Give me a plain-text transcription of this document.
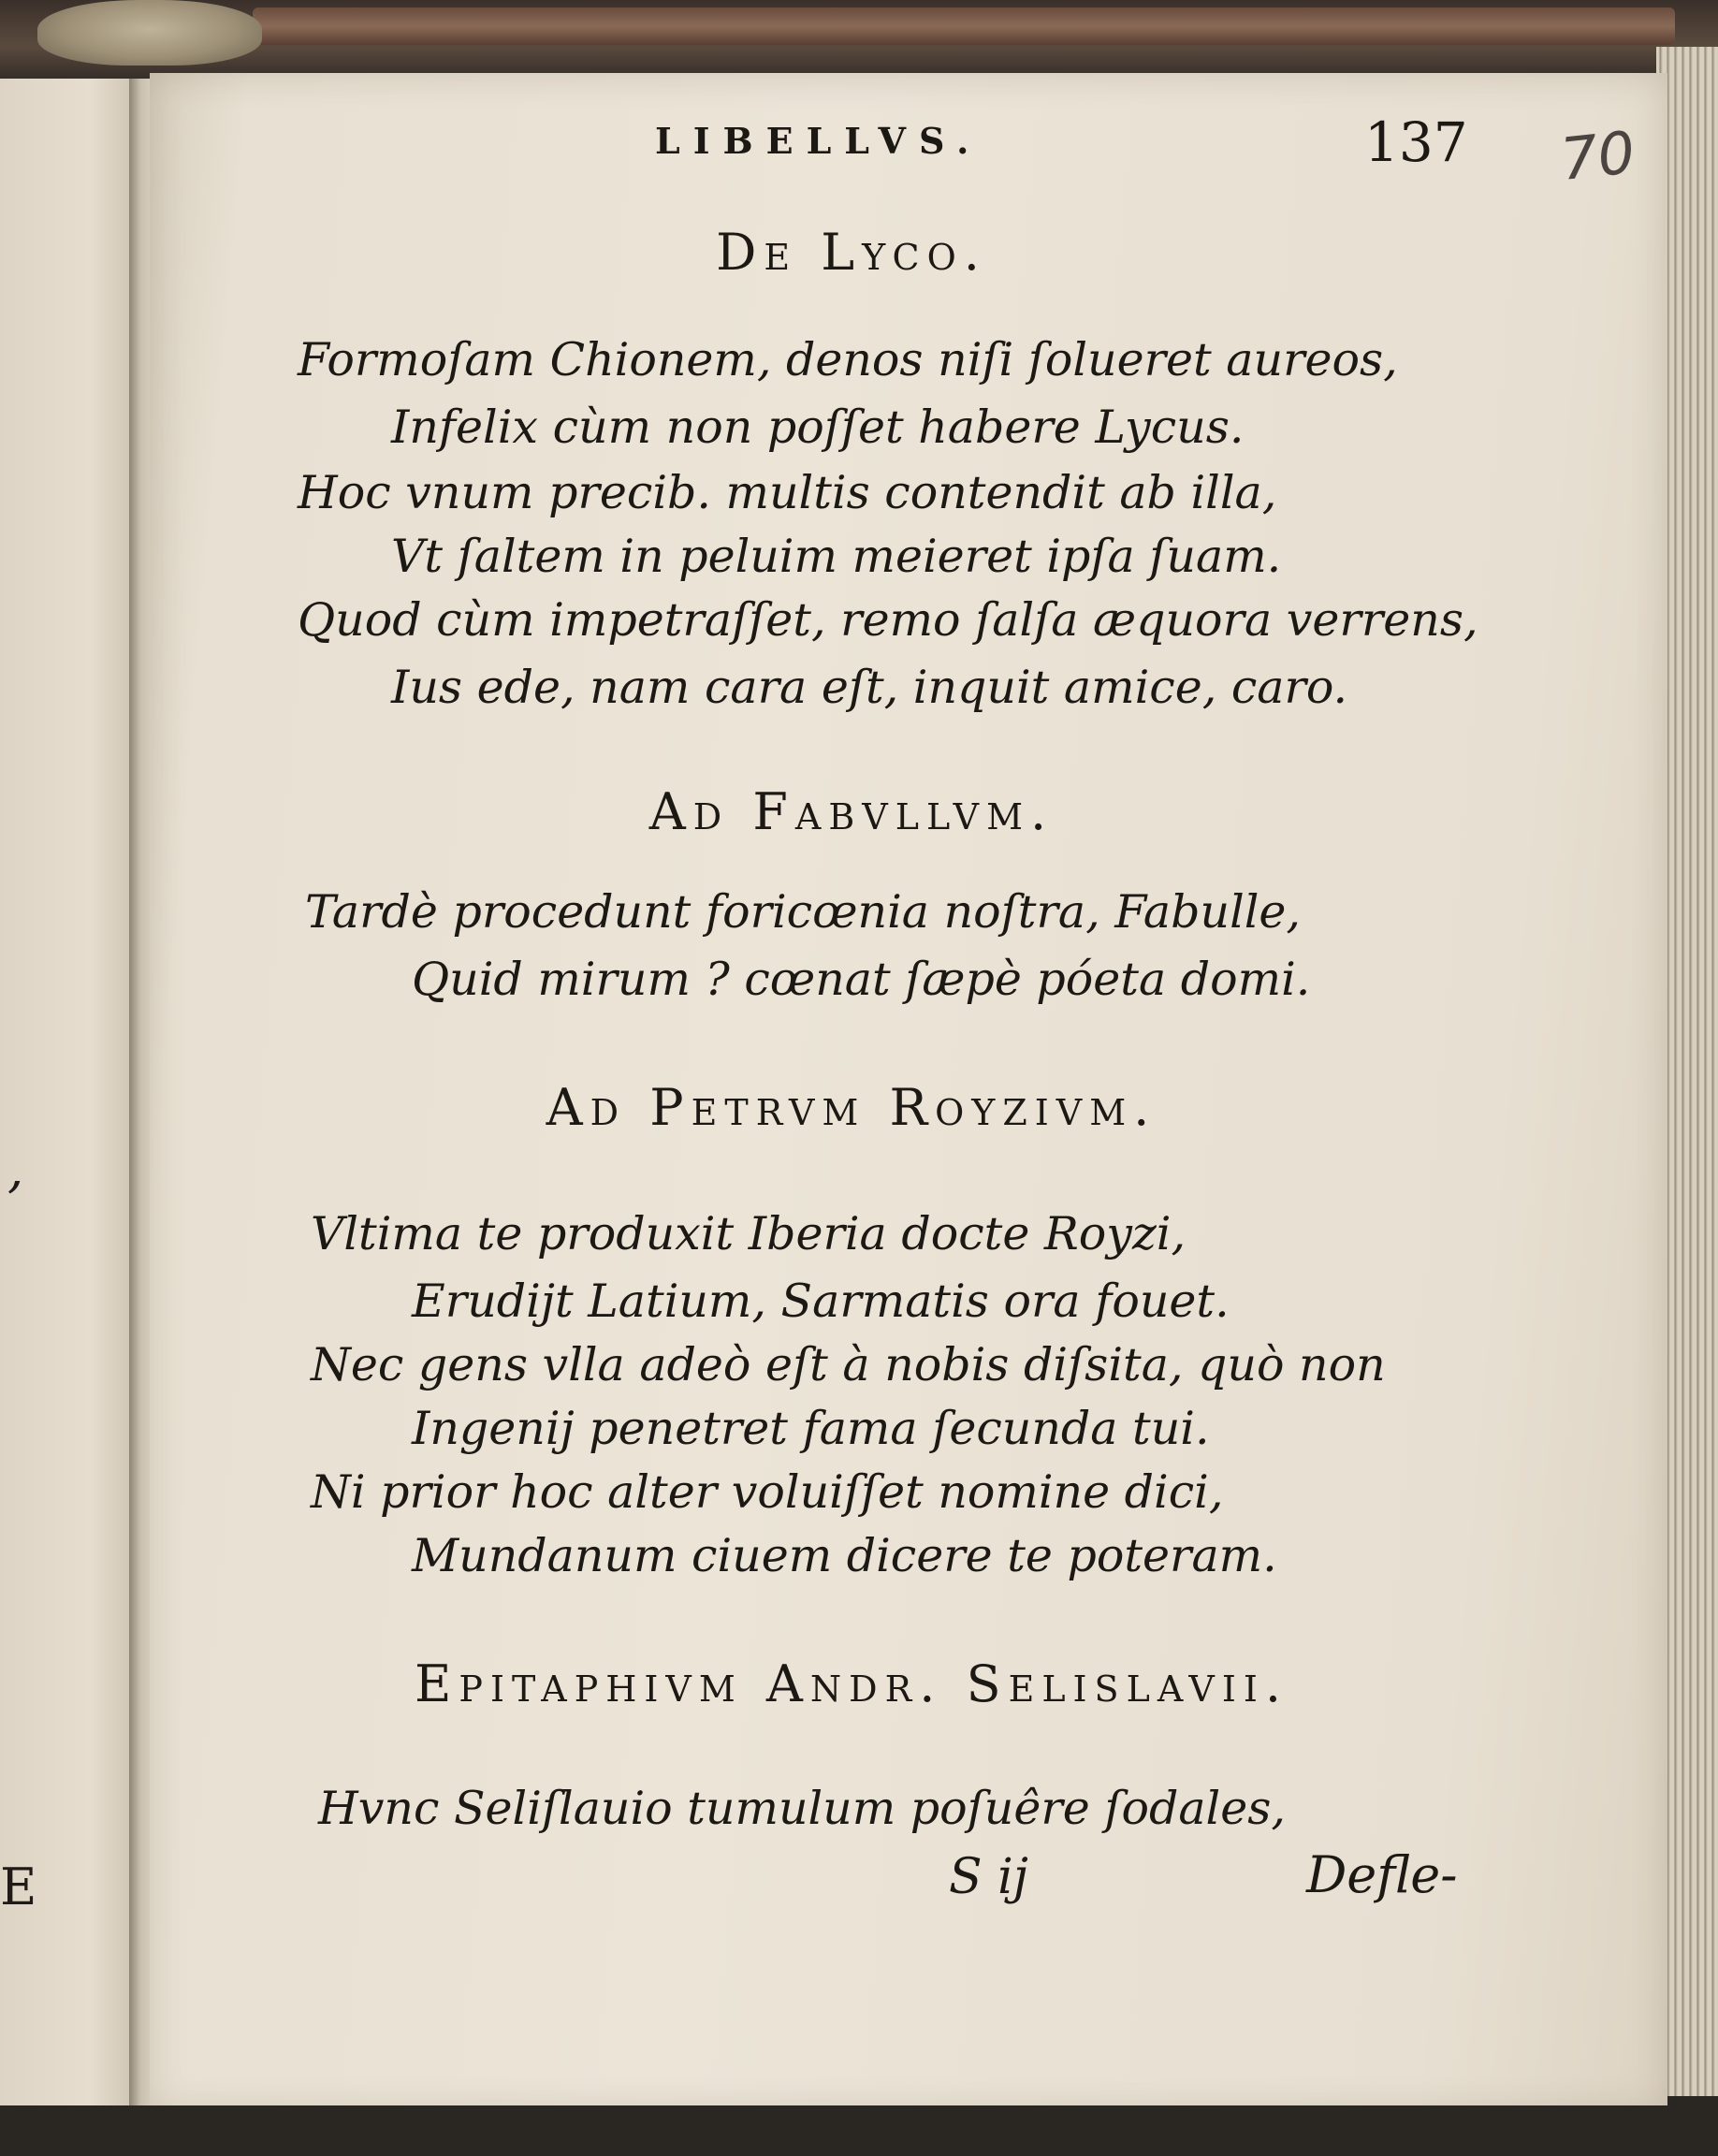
,
E
LIBELLVS.	137 70
De Lyco.
Formoſam Chionem, denos niſi ſolueret aureos,
Infelix cùm non poſſet habere Lycus.
Hoc vnum precib. multis contendit ab illa,
Vt ſaltem in peluim meieret ipſa ſuam.
Quod cùm impetraſſet, remo ſalſa æquora verrens,
Ius ede, nam cara eſt, inquit amice, caro.
Ad Fabvllvm.
Tardè procedunt foricœnia noſtra, Fabulle,
Quid mirum ? cœnat ſæpè póeta domi.
Ad Petrvm Royzivm.
Vltima te produxit Iberia docte Royzi,
Erudijt Latium, Sarmatis ora fouet.
Nec gens vlla adeò eſt à nobis diſsita, quò non
Ingenij penetret fama ſecunda tui.
Ni prior hoc alter voluiſſet nomine dici,
Mundanum ciuem dicere te poteram.
Epitaphivm Andr. Selislavii.
Hvnc Seliſlauio tumulum poſuêre ſodales,
S ij	Defle-
